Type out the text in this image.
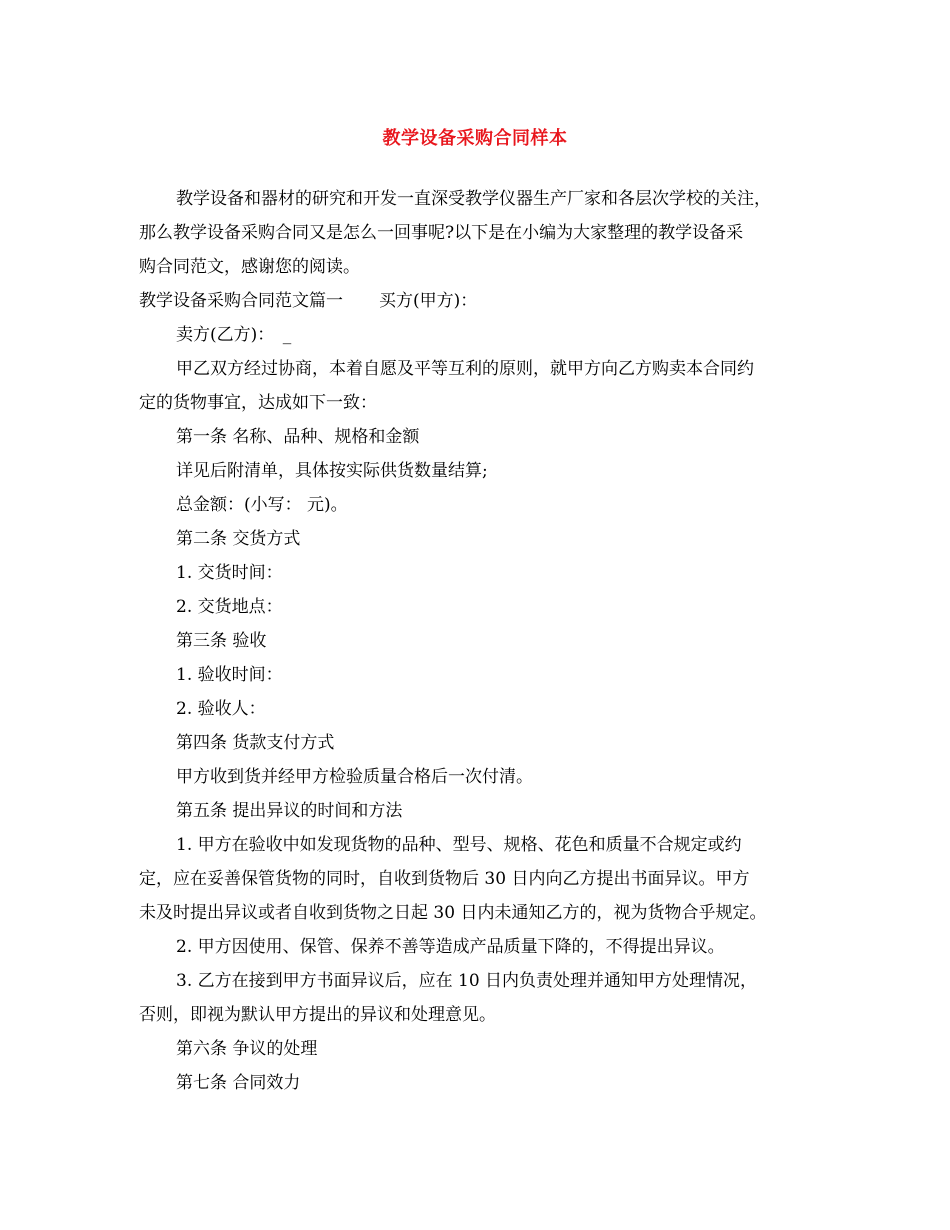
教学设备采购合同样本
教学设备和器材的研究和开发一直深受教学仪器生产厂家和各层次学校的关注，
那么教学设备采购合同又是怎么一回事呢?以下是在小编为大家整理的教学设备采
购合同范文，感谢您的阅读。
教学设备采购合同范文篇一 买方(甲方)：
卖方(乙方)：　_
甲乙双方经过协商，本着自愿及平等互利的原则，就甲方向乙方购卖本合同约
定的货物事宜，达成如下一致：
第一条 名称、品种、规格和金额
详见后附清单，具体按实际供货数量结算;
总金额：(小写： 元)。
第二条 交货方式
1. 交货时间：
2. 交货地点：
第三条 验收
1. 验收时间：
2. 验收人：
第四条 货款支付方式
甲方收到货并经甲方检验质量合格后一次付清。
第五条 提出异议的时间和方法
1. 甲方在验收中如发现货物的品种、型号、规格、花色和质量不合规定或约
定，应在妥善保管货物的同时，自收到货物后 30 日内向乙方提出书面异议。甲方
未及时提出异议或者自收到货物之日起 30 日内未通知乙方的，视为货物合乎规定。
2. 甲方因使用、保管、保养不善等造成产品质量下降的，不得提出异议。
3. 乙方在接到甲方书面异议后，应在 10 日内负责处理并通知甲方处理情况，
否则，即视为默认甲方提出的异议和处理意见。
第六条 争议的处理
第七条 合同效力
